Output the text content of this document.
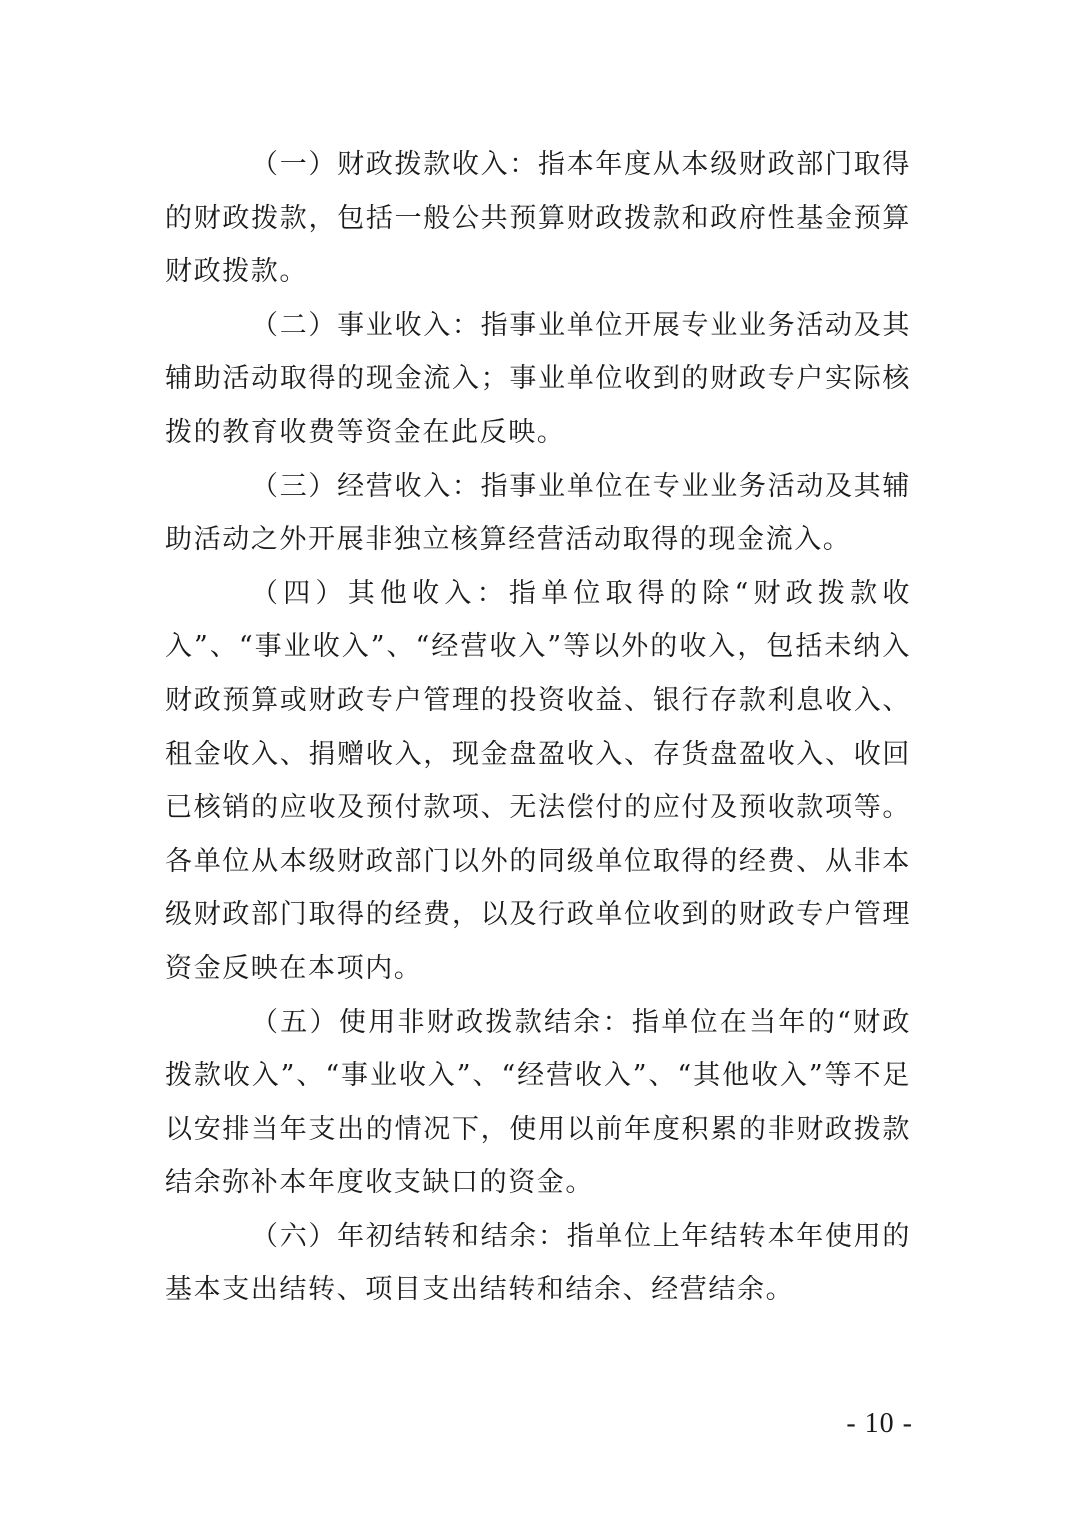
（一）财政拨款收入：指本年度从本级财政部门取得的财政拨款，包括一般公共预算财政拨款和政府性基金预算财政拨款。

（二）事业收入：指事业单位开展专业业务活动及其辅助活动取得的现金流入；事业单位收到的财政专户实际核拨的教育收费等资金在此反映。

（三）经营收入：指事业单位在专业业务活动及其辅助活动之外开展非独立核算经营活动取得的现金流入。

（四）其他收入：指单位取得的除“财政拨款收入”、“事业收入”、“经营收入”等以外的收入，包括未纳入财政预算或财政专户管理的投资收益、银行存款利息收入、租金收入、捐赠收入，现金盘盈收入、存货盘盈收入、收回已核销的应收及预付款项、无法偿付的应付及预收款项等。各单位从本级财政部门以外的同级单位取得的经费、从非本级财政部门取得的经费，以及行政单位收到的财政专户管理资金反映在本项内。

（五）使用非财政拨款结余：指单位在当年的“财政拨款收入”、“事业收入”、“经营收入”、“其他收入”等不足以安排当年支出的情况下，使用以前年度积累的非财政拨款结余弥补本年度收支缺口的资金。

（六）年初结转和结余：指单位上年结转本年使用的基本支出结转、项目支出结转和结余、经营结余。

- 10 -
